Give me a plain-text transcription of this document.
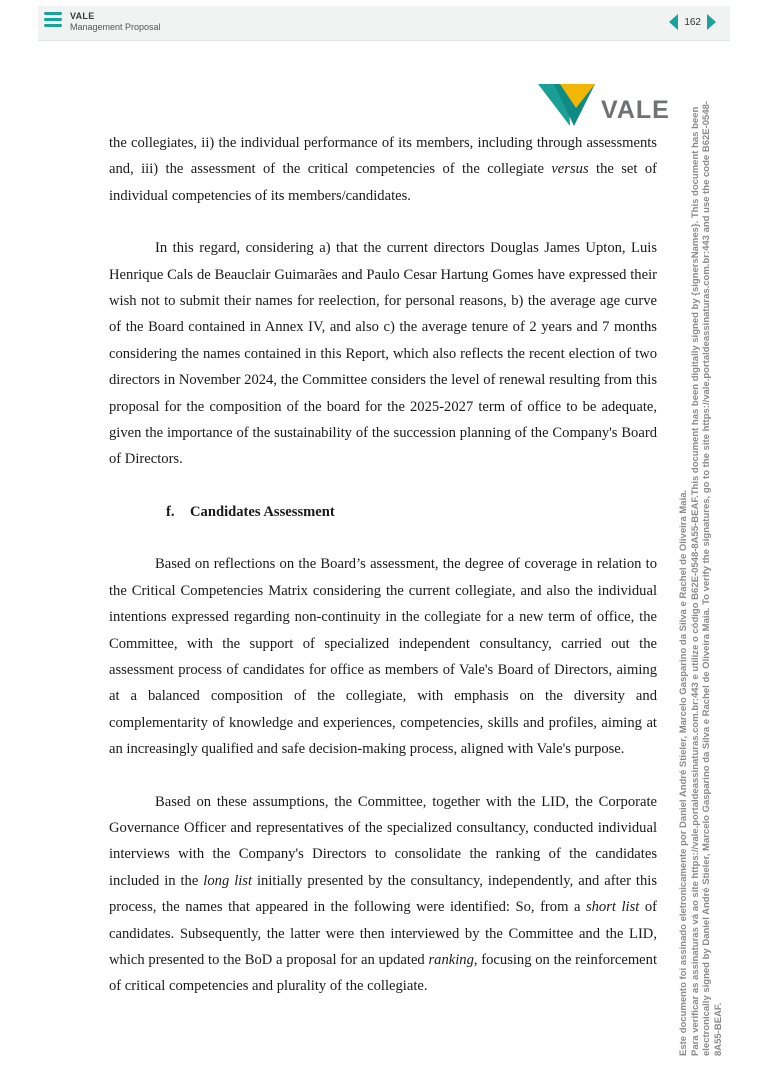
VALE
Management Proposal	162
VALE

the collegiates, ii) the individual performance of its members, including through assessments and, iii) the assessment of the critical competencies of the collegiate versus the set of individual competencies of its members/candidates.

In this regard, considering a) that the current directors Douglas James Upton, Luis Henrique Cals de Beauclair Guimarães and Paulo Cesar Hartung Gomes have expressed their wish not to submit their names for reelection, for personal reasons, b) the average age curve of the Board contained in Annex IV, and also c) the average tenure of 2 years and 7 months considering the names contained in this Report, which also reflects the recent election of two directors in November 2024, the Committee considers the level of renewal resulting from this proposal for the composition of the board for the 2025-2027 term of office to be adequate, given the importance of the sustainability of the succession planning of the Company's Board of Directors.

f. Candidates Assessment

Based on reflections on the Board’s assessment, the degree of coverage in relation to the Critical Competencies Matrix considering the current collegiate, and also the individual intentions expressed regarding non-continuity in the collegiate for a new term of office, the Committee, with the support of specialized independent consultancy, carried out the assessment process of candidates for office as members of Vale's Board of Directors, aiming at a balanced composition of the collegiate, with emphasis on the diversity and complementarity of knowledge and experiences, competencies, skills and profiles, aiming at an increasingly qualified and safe decision-making process, aligned with Vale's purpose.

Based on these assumptions, the Committee, together with the LID, the Corporate Governance Officer and representatives of the specialized consultancy, conducted individual interviews with the Company's Directors to consolidate the ranking of the candidates included in the long list initially presented by the consultancy, independently, and after this process, the names that appeared in the following were identified: So, from a short list of candidates. Subsequently, the latter were then interviewed by the Committee and the LID, which presented to the BoD a proposal for an updated ranking, focusing on the reinforcement of critical competencies and plurality of the collegiate.	Este documento foi assinado eletronicamente por Daniel André Stieler, Marcelo Gasparino da Silva e Rachel de Oliveira Maia. Para verificar as assinaturas vá ao site https://vale.portaldeassinaturas.com.br:443 e utilize o código B62E-0548-8A55-BEAF.This document has been digitally signed by {signersNames}. This document has been electronically signed by Daniel André Stieler, Marcelo Gasparino da Silva e Rachel de Oliveira Maia. To verify the signatures, go to the site https://vale.portaldeassinaturas.com.br:443 and use the code B62E-0548- 8A55-BEAF.
